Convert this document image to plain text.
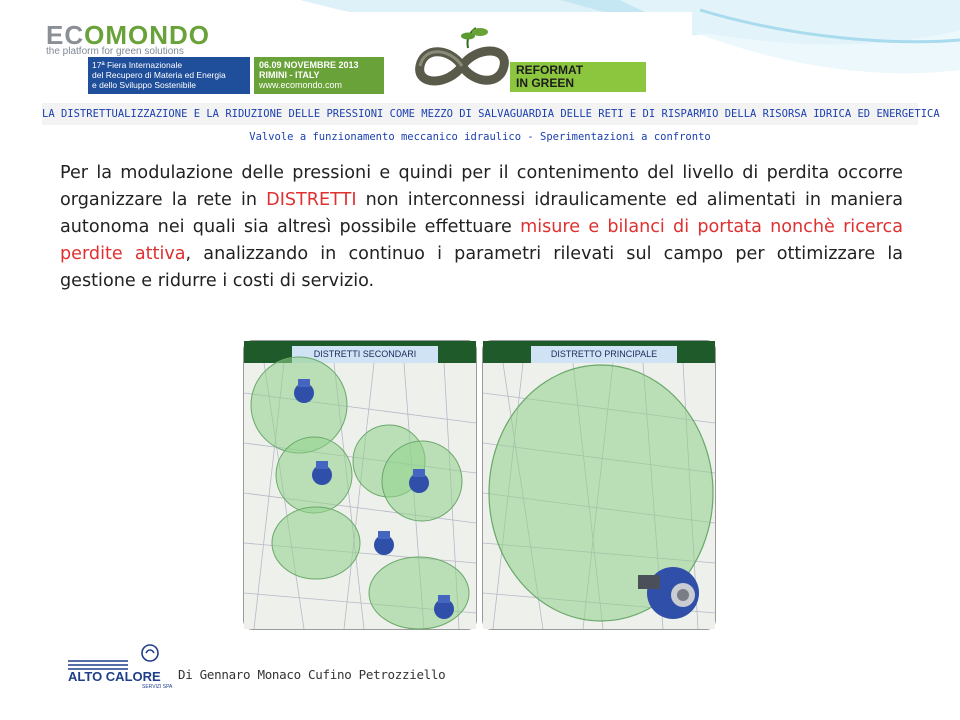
ECOMONDO
the platform for green solutions
17ª Fiera Internazionale
del Recupero di Materia ed Energia
e dello Sviluppo Sostenibile
06.09 NOVEMBRE 2013
RIMINI - ITALY
www.ecomondo.com
REFORMAT
IN GREEN
LA DISTRETTUALIZZAZIONE E LA RIDUZIONE DELLE PRESSIONI COME MEZZO DI SALVAGUARDIA DELLE RETI E DI RISPARMIO DELLA RISORSA IDRICA ED ENERGETICA
Valvole a funzionamento meccanico idraulico - Sperimentazioni a confronto
Per la modulazione delle pressioni e quindi per il contenimento del livello di perdita occorre organizzare la rete in DISTRETTI non interconnessi idraulicamente ed alimentati in maniera autonoma nei quali sia altresì possibile effettuare misure e bilanci di portata nonchè ricerca perdite attiva, analizzando in continuo i parametri rilevati sul campo per ottimizzare la gestione e ridurre i costi di servizio.
DISTRETTI SECONDARI	DISTRETTO PRINCIPALE
ALTO CALORE
SERVIZI SPA
Di Gennaro Monaco Cufino Petrozziello
